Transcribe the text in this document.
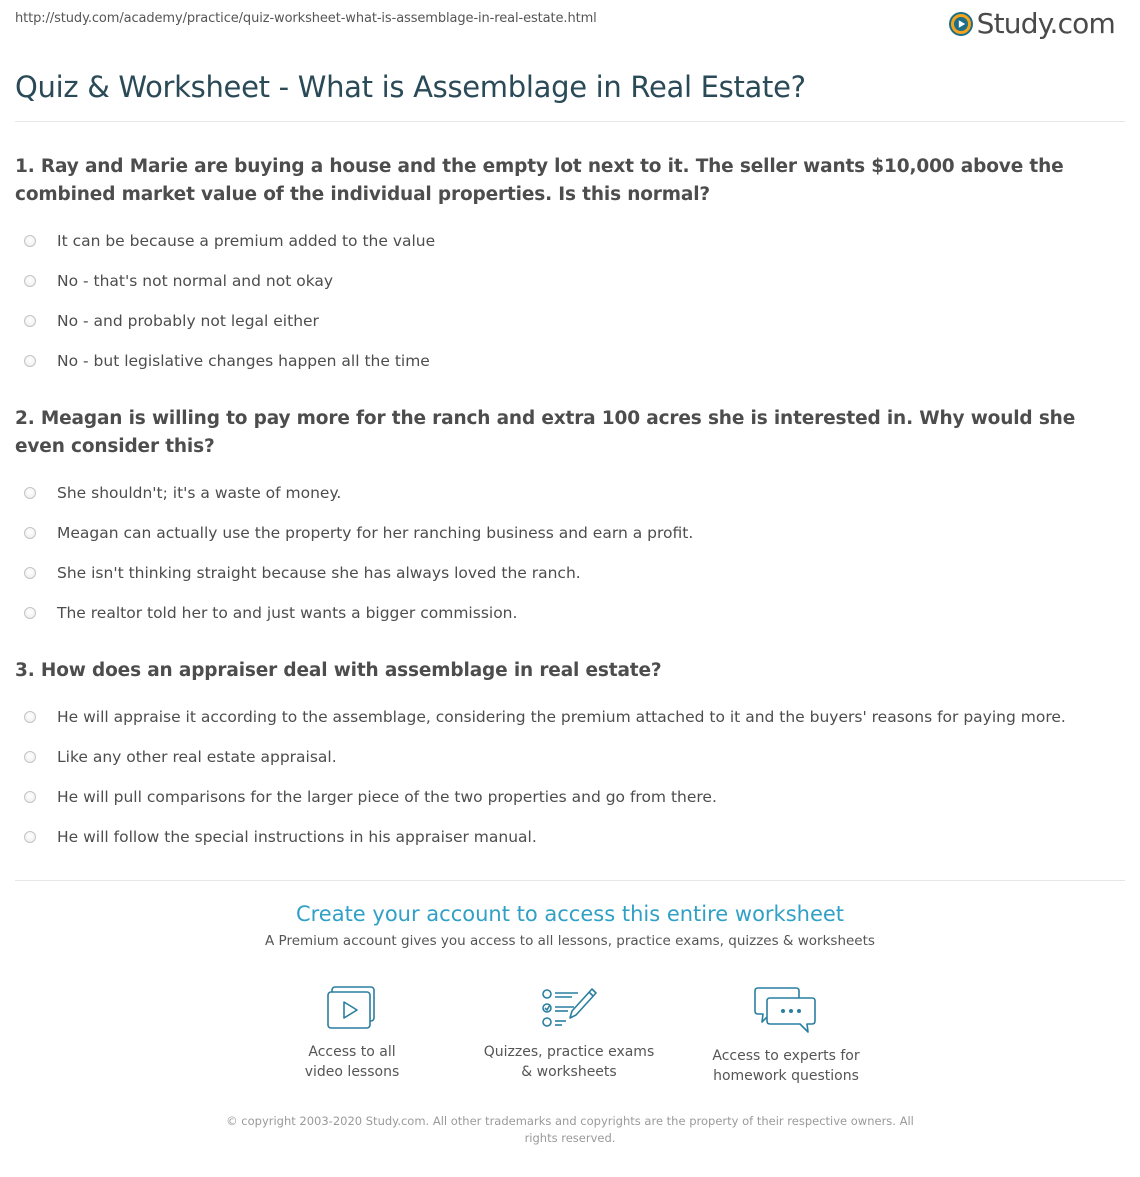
http://study.com/academy/practice/quiz-worksheet-what-is-assemblage-in-real-estate.html	Study.com
Quiz & Worksheet - What is Assemblage in Real Estate?

1. Ray and Marie are buying a house and the empty lot next to it. The seller wants $10,000 above the combined market value of the individual properties. Is this normal?

It can be because a premium added to the value
No - that's not normal and not okay
No - and probably not legal either
No - but legislative changes happen all the time

2. Meagan is willing to pay more for the ranch and extra 100 acres she is interested in. Why would she even consider this?

She shouldn't; it's a waste of money.
Meagan can actually use the property for her ranching business and earn a profit.
She isn't thinking straight because she has always loved the ranch.
The realtor told her to and just wants a bigger commission.

3. How does an appraiser deal with assemblage in real estate?

He will appraise it according to the assemblage, considering the premium attached to it and the buyers' reasons for paying more.
Like any other real estate appraisal.
He will pull comparisons for the larger piece of the two properties and go from there.
He will follow the special instructions in his appraiser manual.
Create your account to access this entire worksheet
A Premium account gives you access to all lessons, practice exams, quizzes & worksheets
Access to all
video lessons
Quizzes, practice exams
& worksheets
Access to experts for
homework questions
© copyright 2003-2020 Study.com. All other trademarks and copyrights are the property of their respective owners. All rights reserved.
